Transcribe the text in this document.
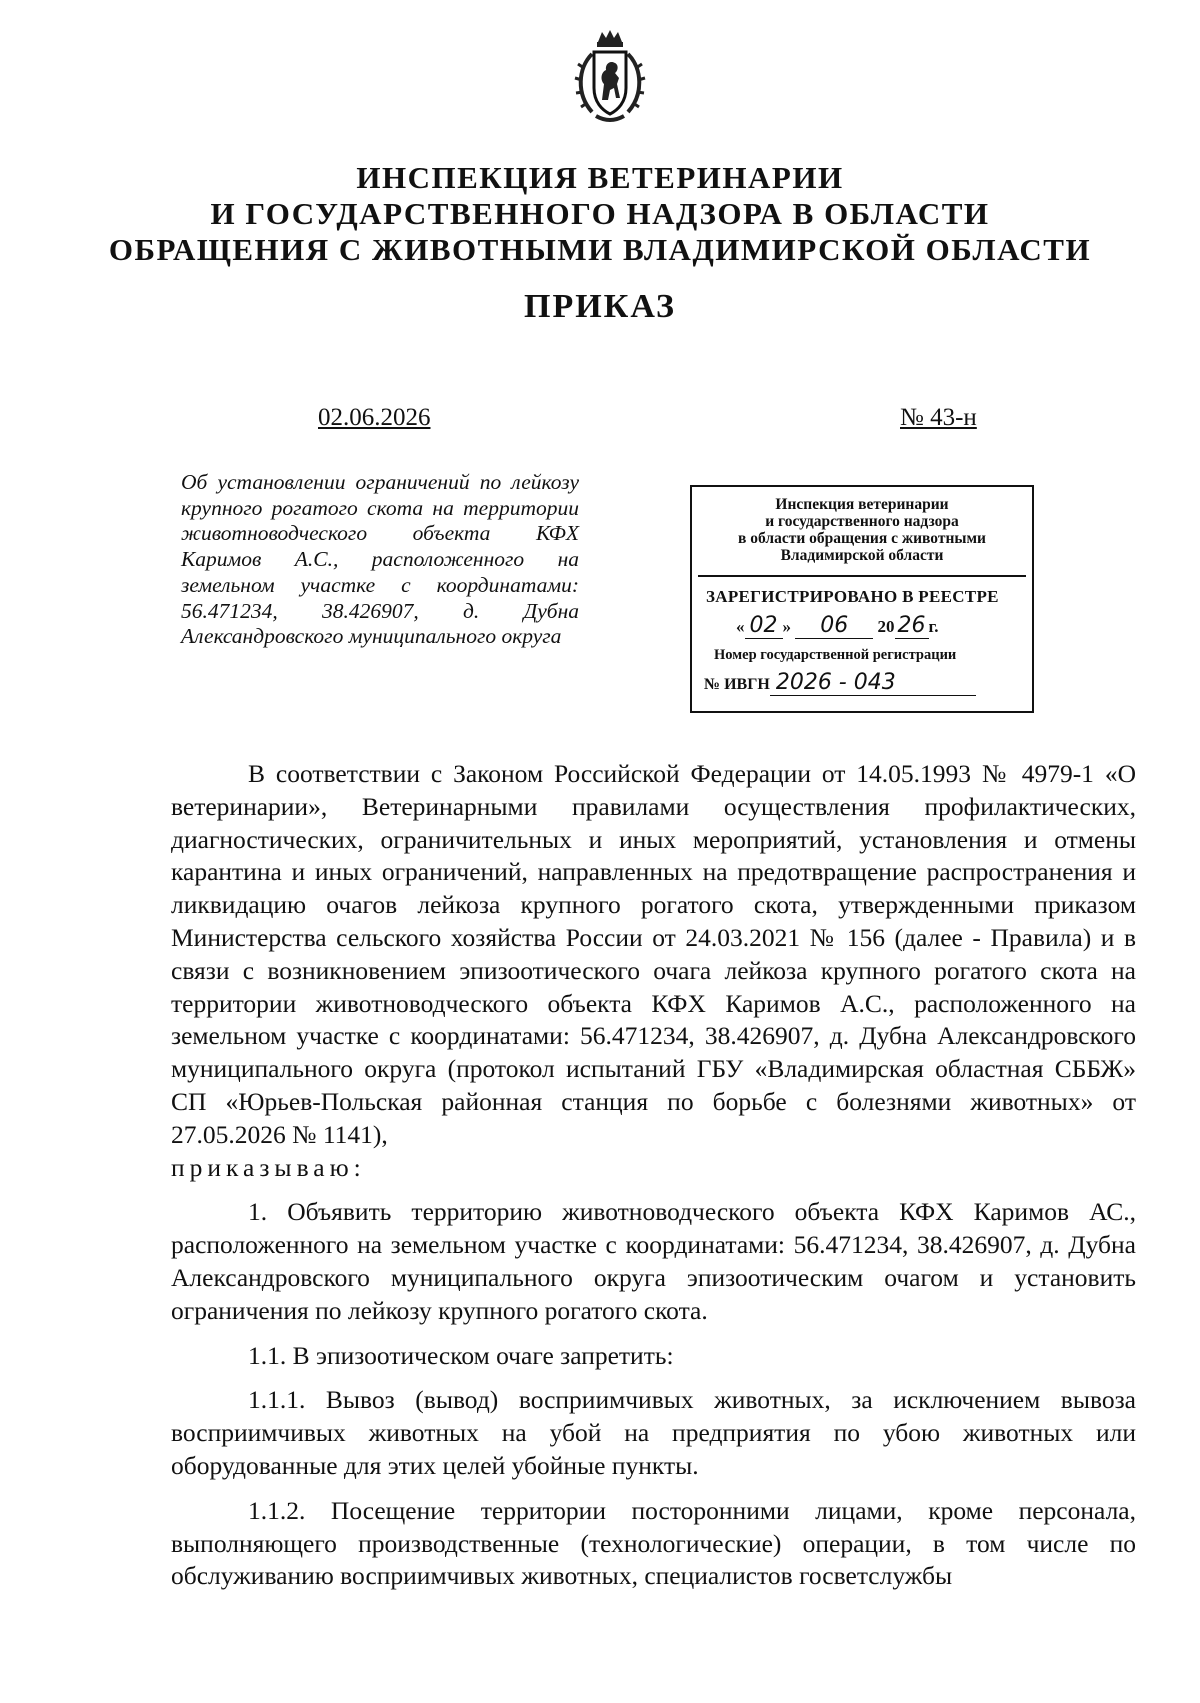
ИНСПЕКЦИЯ ВЕТЕРИНАРИИ
И ГОСУДАРСТВЕННОГО НАДЗОРА В ОБЛАСТИ
ОБРАЩЕНИЯ С ЖИВОТНЫМИ ВЛАДИМИРСКОЙ ОБЛАСТИ
ПРИКАЗ
02.06.2026	№ 43-н
Об установлении ограничений по лейкозу крупного рогатого скота на территории животноводческого объекта КФХ Каримов А.С., расположенного на земельном участке с координатами: 56.471234, 38.426907, д. Дубна Александровского муниципального округа
Инспекция ветеринарии
и государственного надзора
в области обращения с животными
Владимирской области
ЗАРЕГИСТРИРОВАНО В РЕЕСТРЕ
« 02 » 06 20 26 г.
Номер государственной регистрации
№ ИВГН 2026 - 043

В соответствии с Законом Российской Федерации от 14.05.1993 № 4979-1 «О ветеринарии», Ветеринарными правилами осуществления профилактических, диагностических, ограничительных и иных мероприятий, установления и отмены карантина и иных ограничений, направленных на предотвращение распространения и ликвидацию очагов лейкоза крупного рогатого скота, утвержденными приказом Министерства сельского хозяйства России от 24.03.2021 № 156 (далее - Правила) и в связи с возникновением эпизоотического очага лейкоза крупного рогатого скота на территории животноводческого объекта КФХ Каримов А.С., расположенного на земельном участке с координатами: 56.471234, 38.426907, д. Дубна Александровского муниципального округа (протокол испытаний ГБУ «Владимирская областная СББЖ» СП «Юрьев-Польская районная станция по борьбе с болезнями животных» от 27.05.2026 № 1141),
приказываю:

1. Объявить территорию животноводческого объекта КФХ Каримов АС., расположенного на земельном участке с координатами: 56.471234, 38.426907, д. Дубна Александровского муниципального округа эпизоотическим очагом и установить ограничения по лейкозу крупного рогатого скота.

1.1. В эпизоотическом очаге запретить:

1.1.1. Вывоз (вывод) восприимчивых животных, за исключением вывоза восприимчивых животных на убой на предприятия по убою животных или оборудованные для этих целей убойные пункты.

1.1.2. Посещение территории посторонними лицами, кроме персонала, выполняющего производственные (технологические) операции, в том числе по обслуживанию восприимчивых животных, специалистов госветслужбы
